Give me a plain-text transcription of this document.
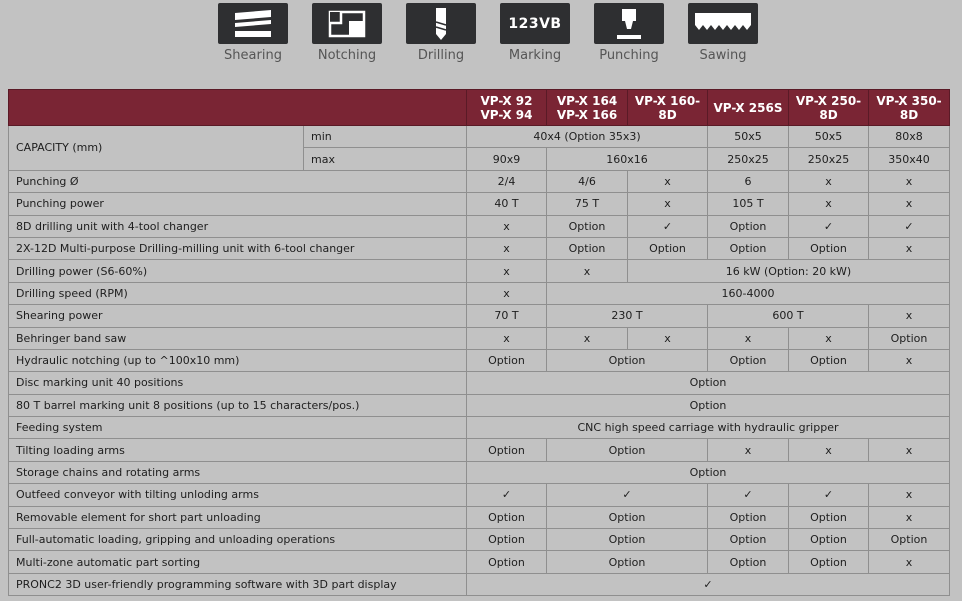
Shearing	Notching	Drilling
123VB
Marking	Punching	Sawing
		VP-X 92 VP-X 94	VP-X 164 VP-X 166	VP-X 160-8D	VP-X 256S	VP-X 250-8D	VP-X 350-8D
CAPACITY (mm)	min	40x4 (Option 35x3)			50x5	50x5	80x8
	max	90x9	160x16		250x25	250x25	350x40
Punching Ø		2/4	4/6	x	6	x	x
Punching power		40 T	75 T	x	105 T	x	x
8D drilling unit with 4-tool changer		x	Option	✓	Option	✓	✓
2X-12D Multi-purpose Drilling-milling unit with 6-tool changer		x	Option	Option	Option	Option	x
Drilling power (S6-60%)		x	x	16 kW (Option: 20 kW)			
Drilling speed (RPM)		x	160-4000				
Shearing power		70 T	230 T		600 T		x
Behringer band saw		x	x	x	x	x	Option
Hydraulic notching (up to ^100x10 mm)		Option	Option		Option	Option	x
Disc marking unit 40 positions		Option					
80 T barrel marking unit 8 positions (up to 15 characters/pos.)		Option					
Feeding system		CNC high speed carriage with hydraulic gripper					
Tilting loading arms		Option	Option		x	x	x
Storage chains and rotating arms		Option					
Outfeed conveyor with tilting unloding arms		✓	✓		✓	✓	x
Removable element for short part unloading		Option	Option		Option	Option	x
Full-automatic loading, gripping and unloading operations		Option	Option		Option	Option	Option
Multi-zone automatic part sorting		Option	Option		Option	Option	x
PRONC2 3D user-friendly programming software with 3D part display		✓					
